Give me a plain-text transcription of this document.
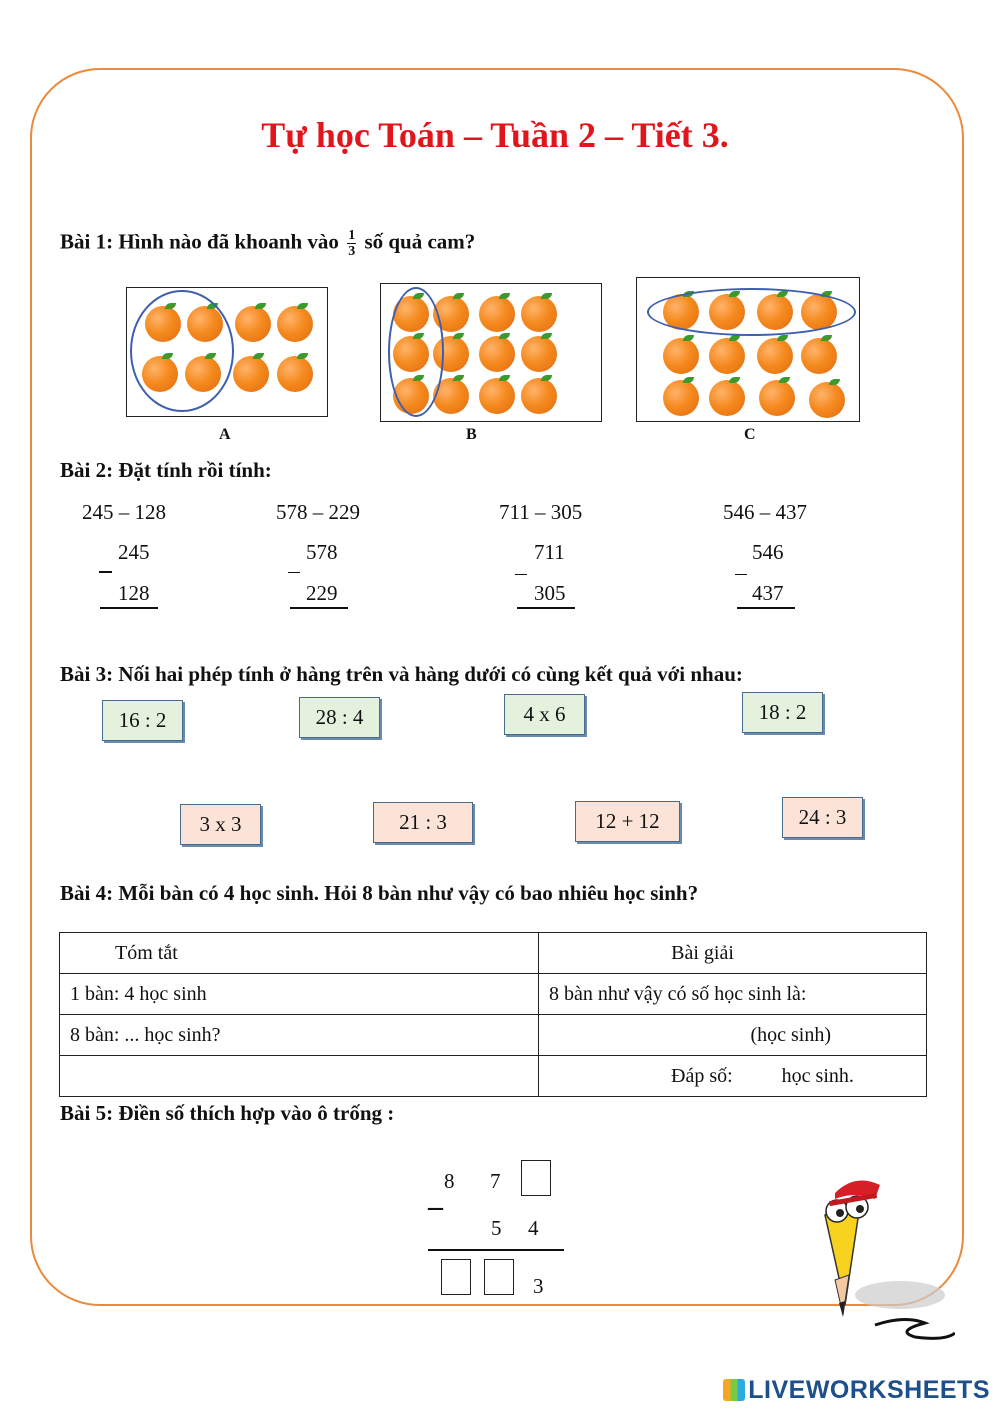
Tự học Toán – Tuần 2 – Tiết 3.
Bài 1: Hình nào đã khoanh vào $\frac{1}{3}$ số quả cam?
A	B	C
Bài 2: Đặt tính rồi tính:
245 – 128	578 – 229	711 – 305	546 – 437
245	578	711	546
128	229	305	437
Bài 3: Nối hai phép tính ở hàng trên và hàng dưới có cùng kết quả với nhau:
16 : 2	28 : 4	4 x 6	18 : 2
3 x 3	21 : 3	12 + 12	24 : 3
Bài 4: Mỗi bàn có 4 học sinh. Hỏi 8 bàn như vậy có bao nhiêu học sinh?
Tóm tắt	Bài giải
1 bàn: 4 học sinh	8 bàn như vậy có số học sinh là:
8 bàn: ... học sinh?	(học sinh)
	Đáp số: học sinh.
Bài 5: Điền số thích hợp vào ô trống :
8 7
–
5 4
3
LIVEWORKSHEETS
